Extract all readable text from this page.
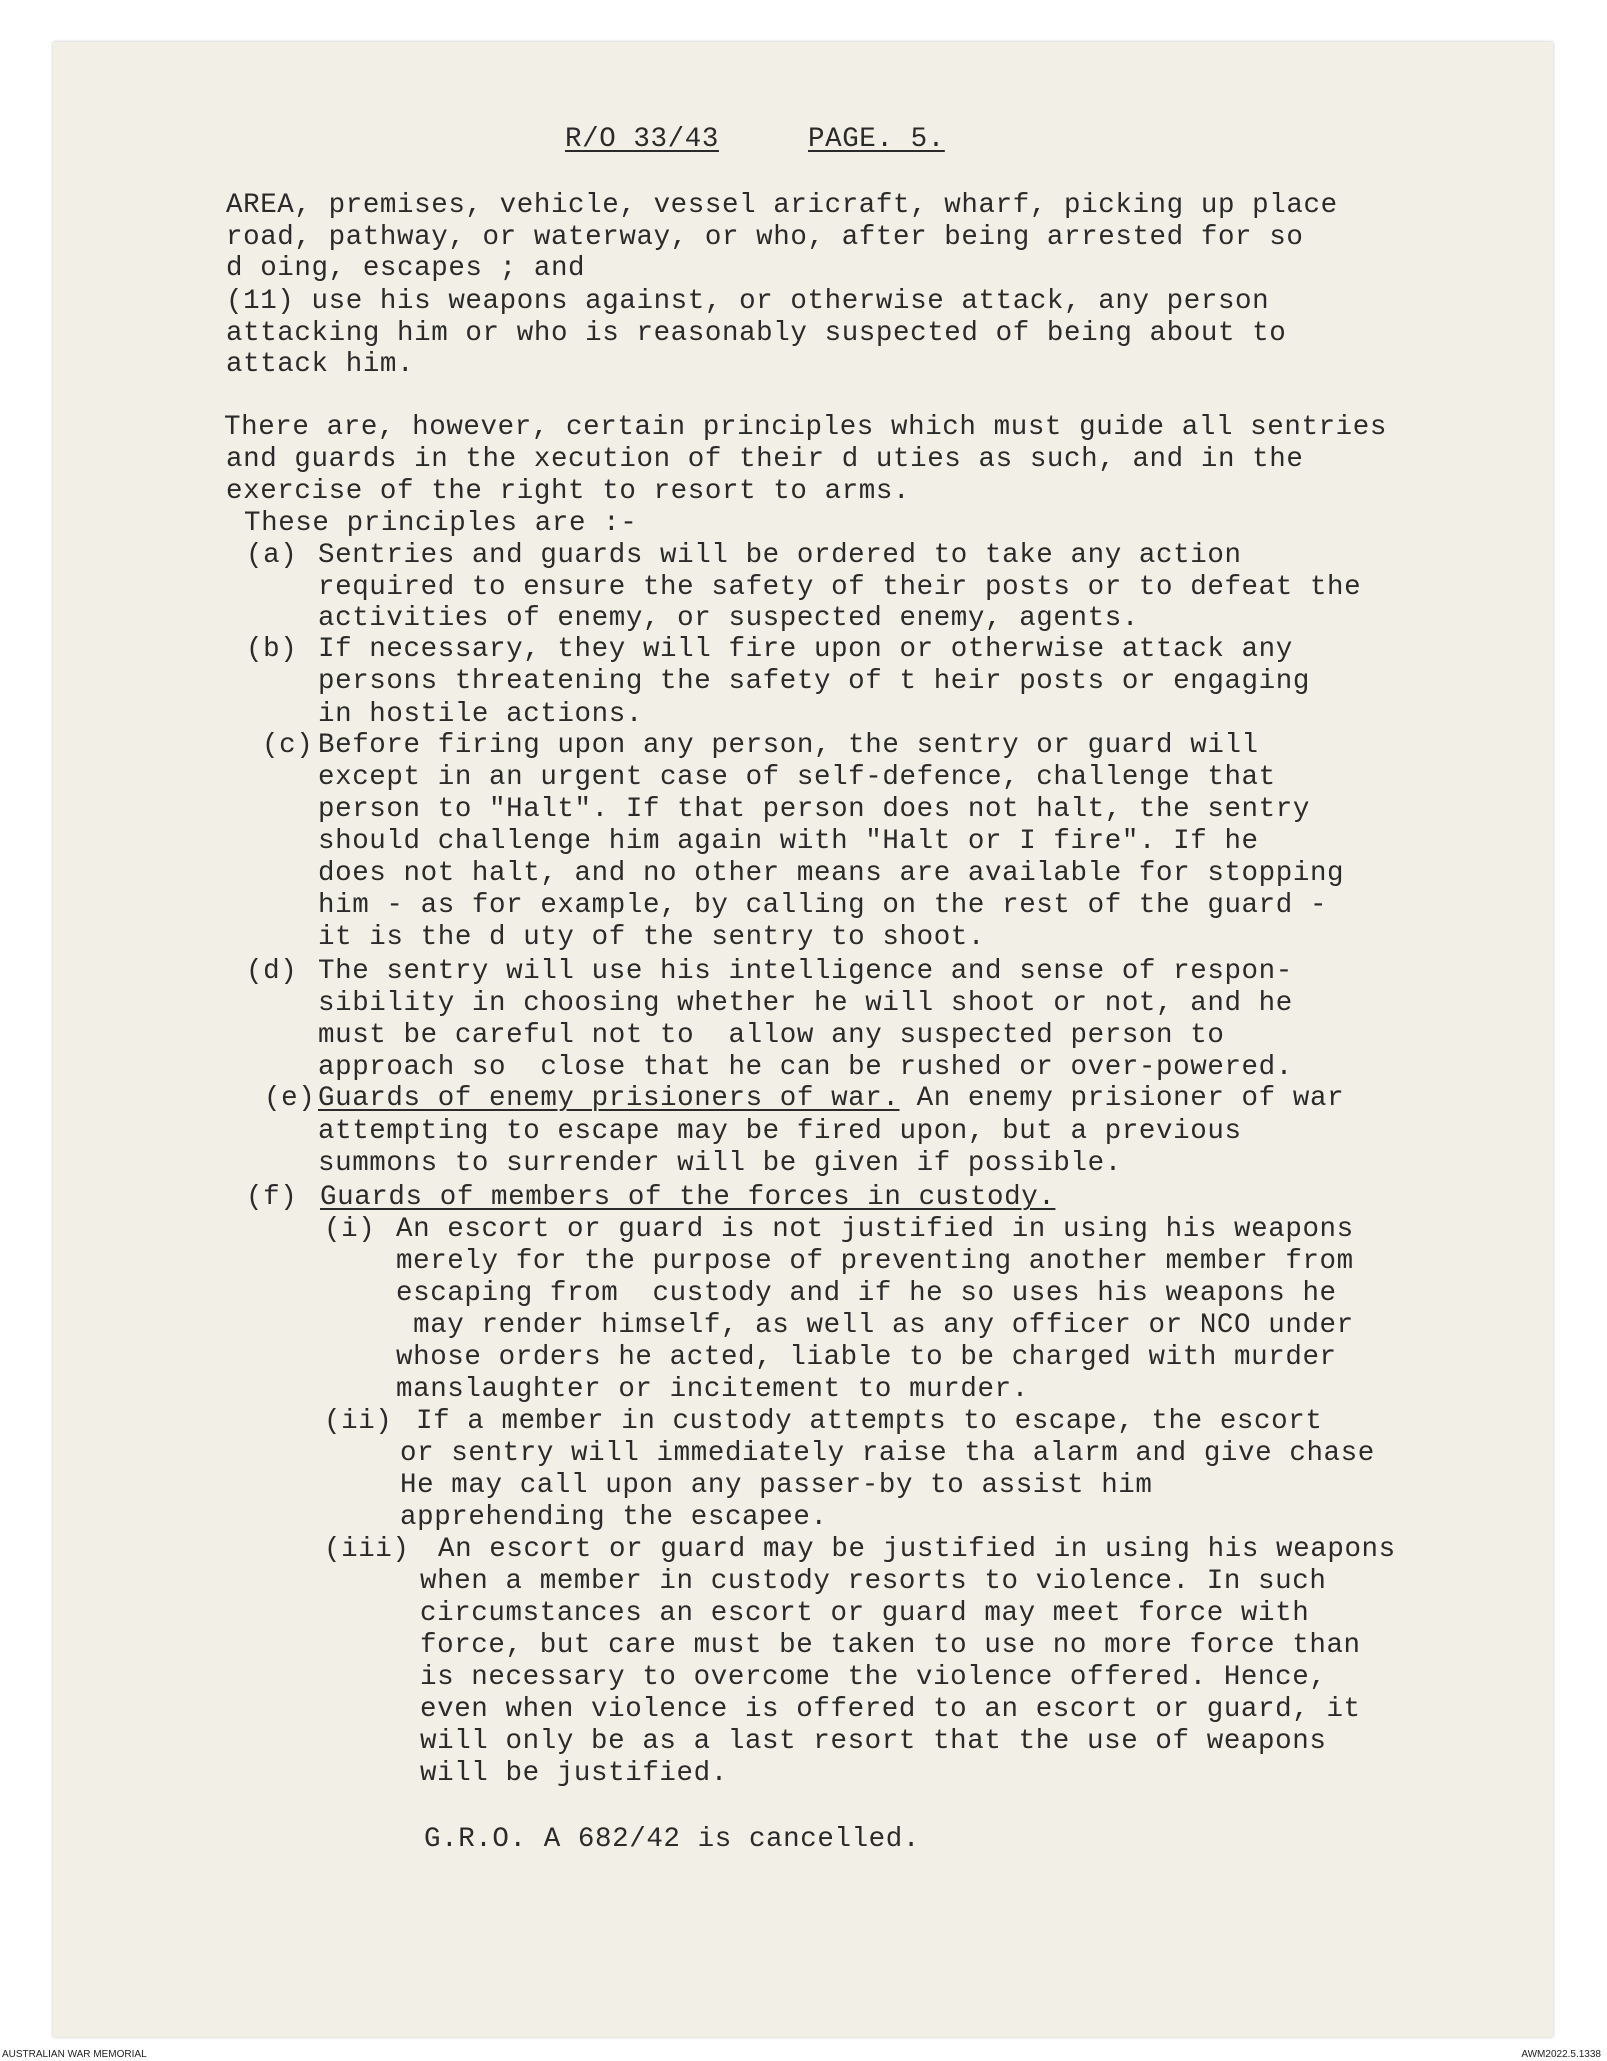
R/O 33/43	PAGE. 5.
AREA, premises, vehicle, vessel aricraft, wharf, picking up place
road, pathway, or waterway, or who, after being arrested for so
d oing, escapes ; and
(11) use his weapons against, or otherwise attack, any person
attacking him or who is reasonably suspected of being about to
attack him.
There are, however, certain principles which must guide all sentries
and guards in the xecution of their d uties as such, and in the
exercise of the right to resort to arms.
These principles are :-
(a) Sentries and guards will be ordered to take any action
required to ensure the safety of their posts or to defeat the
activities of enemy, or suspected enemy, agents.
(b) If necessary, they will fire upon or otherwise attack any
persons threatening the safety of t heir posts or engaging
in hostile actions.
(c) Before firing upon any person, the sentry or guard will
except in an urgent case of self-defence, challenge that
person to "Halt". If that person does not halt, the sentry
should challenge him again with "Halt or I fire". If he
does not halt, and no other means are available for stopping
him - as for example, by calling on the rest of the guard -
it is the d uty of the sentry to shoot.
(d) The sentry will use his intelligence and sense of respon-
sibility in choosing whether he will shoot or not, and he
must be careful not to  allow any suspected person to
approach so  close that he can be rushed or over-powered.
(e) Guards of enemy prisioners of war. An enemy prisioner of war
attempting to escape may be fired upon, but a previous
summons to surrender will be given if possible.
(f) Guards of members of the forces in custody.
(i) An escort or guard is not justified in using his weapons
merely for the purpose of preventing another member from
escaping from  custody and if he so uses his weapons he
may render himself, as well as any officer or NCO under
whose orders he acted, liable to be charged with murder
manslaughter or incitement to murder.
(ii) If a member in custody attempts to escape, the escort
or sentry will immediately raise tha alarm and give chase
He may call upon any passer-by to assist him
apprehending the escapee.
(iii) An escort or guard may be justified in using his weapons
when a member in custody resorts to violence. In such
circumstances an escort or guard may meet force with
force, but care must be taken to use no more force than
is necessary to overcome the violence offered. Hence,
even when violence is offered to an escort or guard, it
will only be as a last resort that the use of weapons
will be justified.
G.R.O. A 682/42 is cancelled.
AUSTRALIAN WAR MEMORIAL	AWM2022.5.1338
